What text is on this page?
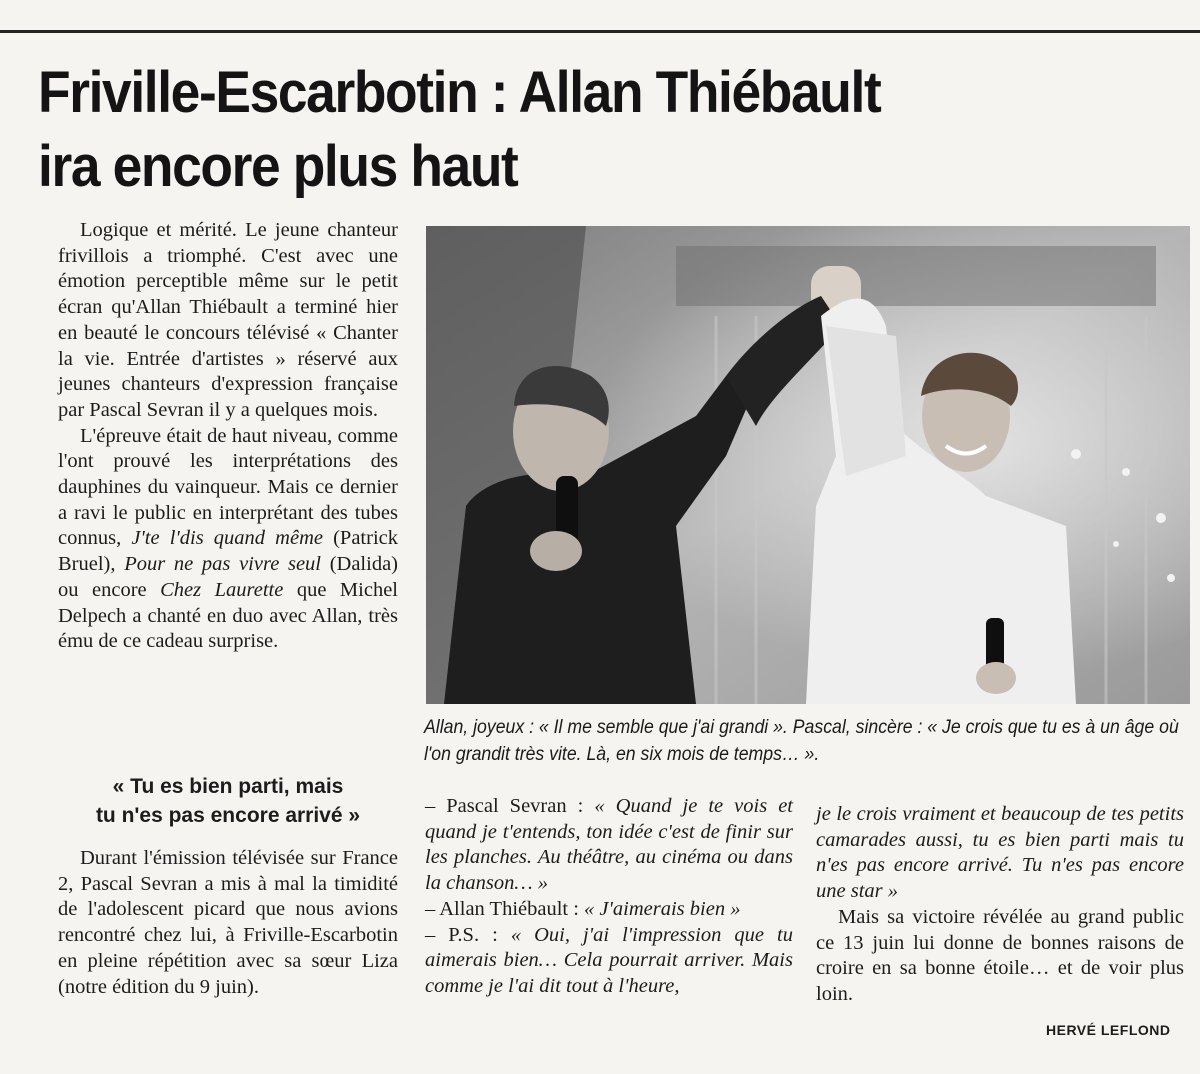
Friville-Escarbotin : Allan Thiébault
ira encore plus haut

Logique et mérité. Le jeune chanteur frivillois a triomphé. C'est avec une émotion perceptible même sur le petit écran qu'Allan Thiébault a terminé hier en beauté le concours télévisé « Chanter la vie. Entrée d'artistes » réservé aux jeunes chanteurs d'expression française par Pascal Sevran il y a quelques mois.

L'épreuve était de haut niveau, comme l'ont prouvé les interprétations des dauphines du vainqueur. Mais ce dernier a ravi le public en interprétant des tubes connus, J'te l'dis quand même (Patrick Bruel), Pour ne pas vivre seul (Dalida) ou encore Chez Laurette que Michel Delpech a chanté en duo avec Allan, très ému de ce cadeau surprise.

« Tu es bien parti, mais
tu n'es pas encore arrivé »

Durant l'émission télévisée sur France 2, Pascal Sevran a mis à mal la timidité de l'adolescent picard que nous avions rencontré chez lui, à Friville-Escarbotin en pleine répétition avec sa sœur Liza (notre édition du 9 juin).

– Pascal Sevran : « Quand je te vois et quand je t'entends, ton idée c'est de finir sur les planches. Au théâtre, au cinéma ou dans la chanson… »

– Allan Thiébault : « J'aimerais bien »

– P.S. : « Oui, j'ai l'impression que tu aimerais bien… Cela pourrait arriver. Mais comme je l'ai dit tout à l'heure,

je le crois vraiment et beaucoup de tes petits camarades aussi, tu es bien parti mais tu n'es pas encore arrivé. Tu n'es pas encore une star »

Mais sa victoire révélée au grand public ce 13 juin lui donne de bonnes raisons de croire en sa bonne étoile… et de voir plus loin.

HERVÉ LEFLOND
Allan, joyeux : « Il me semble que j'ai grandi ». Pascal, sincère : « Je crois que tu es à un âge où l'on grandit très vite. Là, en six mois de temps… ».
